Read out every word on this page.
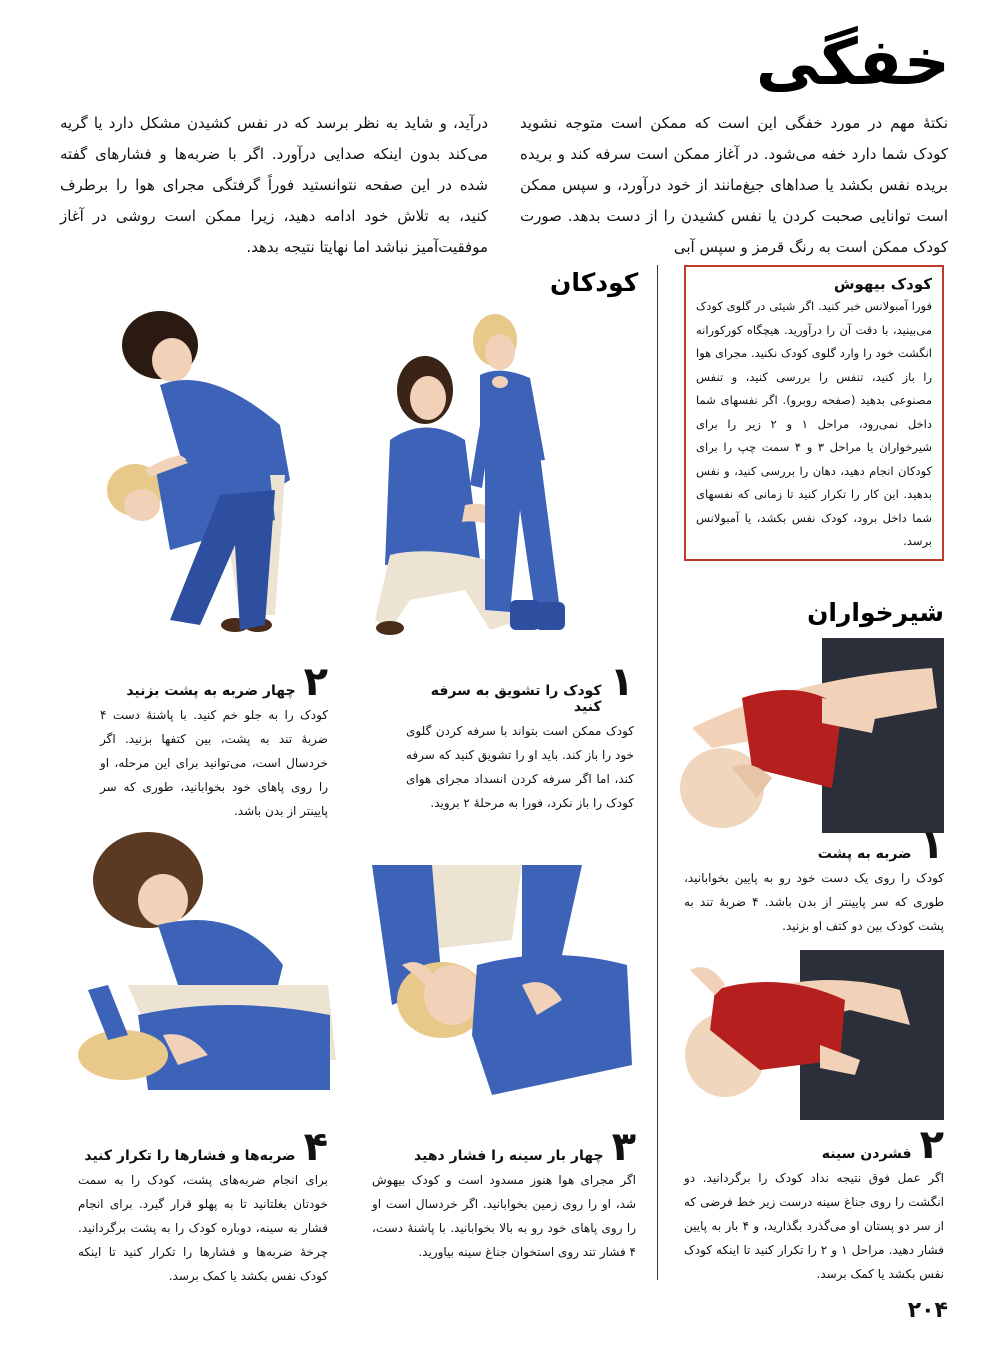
خفگی
نکتهٔ مهم در مورد خفگی این است که ممکن است متوجه نشوید کودک شما دارد خفه می‌شود. در آغاز ممکن است سرفه کند و بریده بریده نفس بکشد یا صداهای جیغ‌مانند از خود درآورد، و سپس ممکن است توانایی صحبت کردن یا نفس کشیدن را از دست بدهد. صورت کودک ممکن است به رنگ قرمز و سپس آبی
درآید، و شاید به نظر برسد که در نفس کشیدن مشکل دارد یا گریه می‌کند بدون اینکه صدایی درآورد. اگر با ضربه‌ها و فشارهای گفته شده در این صفحه نتوانستید فوراً گرفتگی مجرای هوا را برطرف کنید، به تلاش خود ادامه دهید، زیرا ممکن است روشی در آغاز موفقیت‌آمیز نباشد اما نهایتا نتیجه بدهد.
کودکان
شیرخواران
کودک بیهوش

فورا آمبولانس خبر کنید. اگر شیئی در گلوی کودک می‌بینید، با دقت آن را درآورید. هیچگاه کورکورانه انگشت خود را وارد گلوی کودک نکنید. مجرای هوا را باز کنید، تنفس را بررسی کنید، و تنفس مصنوعی بدهید (صفحه روبرو). اگر نفسهای شما داخل نمی‌رود، مراحل ۱ و ۲ زیر را برای شیرخواران یا مراحل ۳ و ۴ سمت چپ را برای کودکان انجام دهید، دهان را بررسی کنید، و نفس بدهید. این کار را تکرار کنید تا زمانی که نفسهای شما داخل برود، کودک نفس بکشد، یا آمبولانس برسد.

۱
کودک را تشویق به سرفه کنید

کودک ممکن است بتواند با سرفه کردن گلوی خود را باز کند. باید او را تشویق کنید که سرفه کند، اما اگر سرفه کردن انسداد مجرای هوای کودک را باز نکرد، فورا به مرحلهٔ ۲ بروید.

۲
چهار ضربه به پشت بزنید

کودک را به جلو خم کنید. با پاشنهٔ دست ۴ ضربهٔ تند به پشت، بین کتفها بزنید. اگر خردسال است، می‌توانید برای این مرحله، او را روی پاهای خود بخوابانید، طوری که سر پایینتر از بدن باشد.

۳
چهار بار سینه را فشار دهید

اگر مجرای هوا هنوز مسدود است و کودک بیهوش شد، او را روی زمین بخوابانید. اگر خردسال است او را روی پاهای خود رو به بالا بخوابانید. با پاشنهٔ دست، ۴ فشار تند روی استخوان جناغ سینه بیاورید.

۴
ضربه‌ها و فشارها را تکرار کنید

برای انجام ضربه‌های پشت، کودک را به سمت خودتان بغلتانید تا به پهلو قرار گیرد. برای انجام فشار به سینه، دوباره کودک را به پشت برگردانید. چرخهٔ ضربه‌ها و فشارها را تکرار کنید تا اینکه کودک نفس بکشد یا کمک برسد.

۱
ضربه به پشت

کودک را روی یک دست خود رو به پایین بخوابانید، طوری که سر پایینتر از بدن باشد. ۴ ضربهٔ تند به پشت کودک بین دو کتف او بزنید.

۲
فشردن سینه

اگر عمل فوق نتیجه نداد کودک را برگردانید. دو انگشت را روی جناغ سینه درست زیر خط فرضی که از سر دو پستان او می‌گذرد بگذارید، و ۴ بار به پایین فشار دهید. مراحل ۱ و ۲ را تکرار کنید تا اینکه کودک نفس بکشد یا کمک برسد.

۲۰۴
